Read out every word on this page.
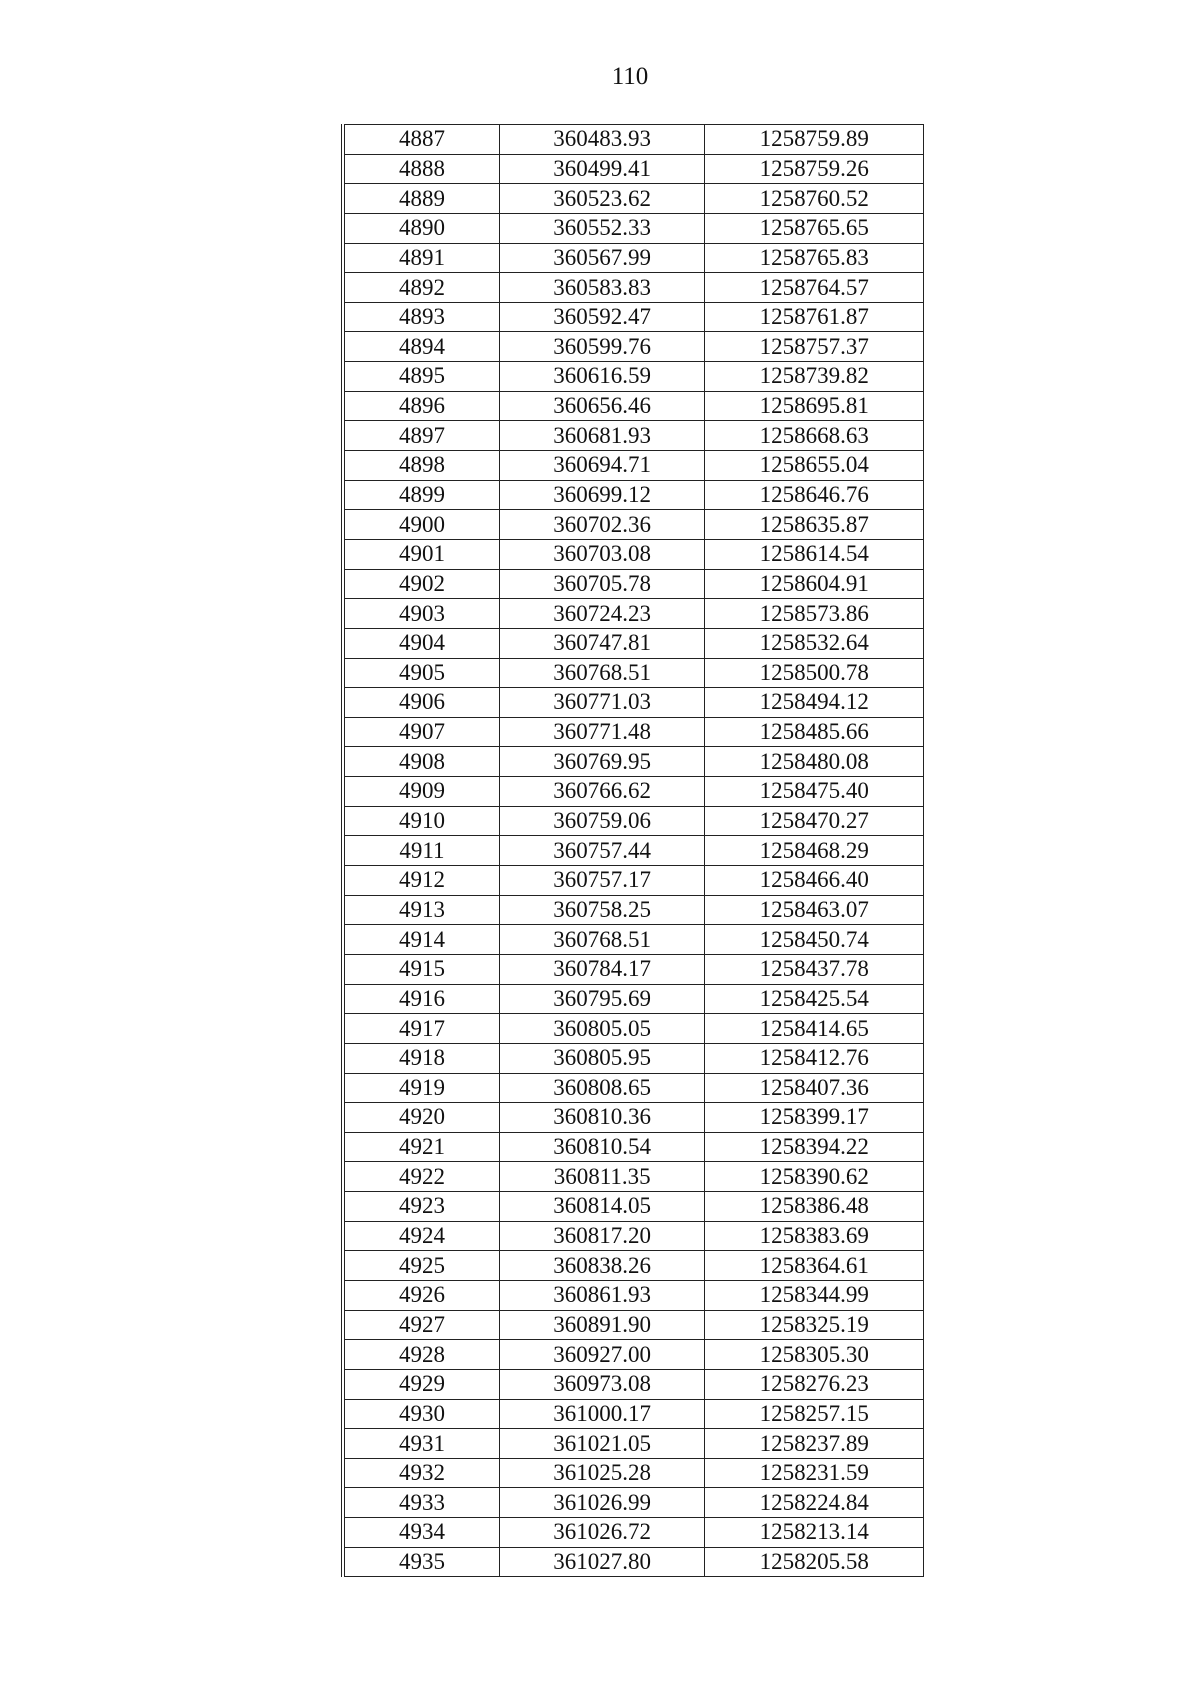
110
4887	360483.93	1258759.89
4888	360499.41	1258759.26
4889	360523.62	1258760.52
4890	360552.33	1258765.65
4891	360567.99	1258765.83
4892	360583.83	1258764.57
4893	360592.47	1258761.87
4894	360599.76	1258757.37
4895	360616.59	1258739.82
4896	360656.46	1258695.81
4897	360681.93	1258668.63
4898	360694.71	1258655.04
4899	360699.12	1258646.76
4900	360702.36	1258635.87
4901	360703.08	1258614.54
4902	360705.78	1258604.91
4903	360724.23	1258573.86
4904	360747.81	1258532.64
4905	360768.51	1258500.78
4906	360771.03	1258494.12
4907	360771.48	1258485.66
4908	360769.95	1258480.08
4909	360766.62	1258475.40
4910	360759.06	1258470.27
4911	360757.44	1258468.29
4912	360757.17	1258466.40
4913	360758.25	1258463.07
4914	360768.51	1258450.74
4915	360784.17	1258437.78
4916	360795.69	1258425.54
4917	360805.05	1258414.65
4918	360805.95	1258412.76
4919	360808.65	1258407.36
4920	360810.36	1258399.17
4921	360810.54	1258394.22
4922	360811.35	1258390.62
4923	360814.05	1258386.48
4924	360817.20	1258383.69
4925	360838.26	1258364.61
4926	360861.93	1258344.99
4927	360891.90	1258325.19
4928	360927.00	1258305.30
4929	360973.08	1258276.23
4930	361000.17	1258257.15
4931	361021.05	1258237.89
4932	361025.28	1258231.59
4933	361026.99	1258224.84
4934	361026.72	1258213.14
4935	361027.80	1258205.58
